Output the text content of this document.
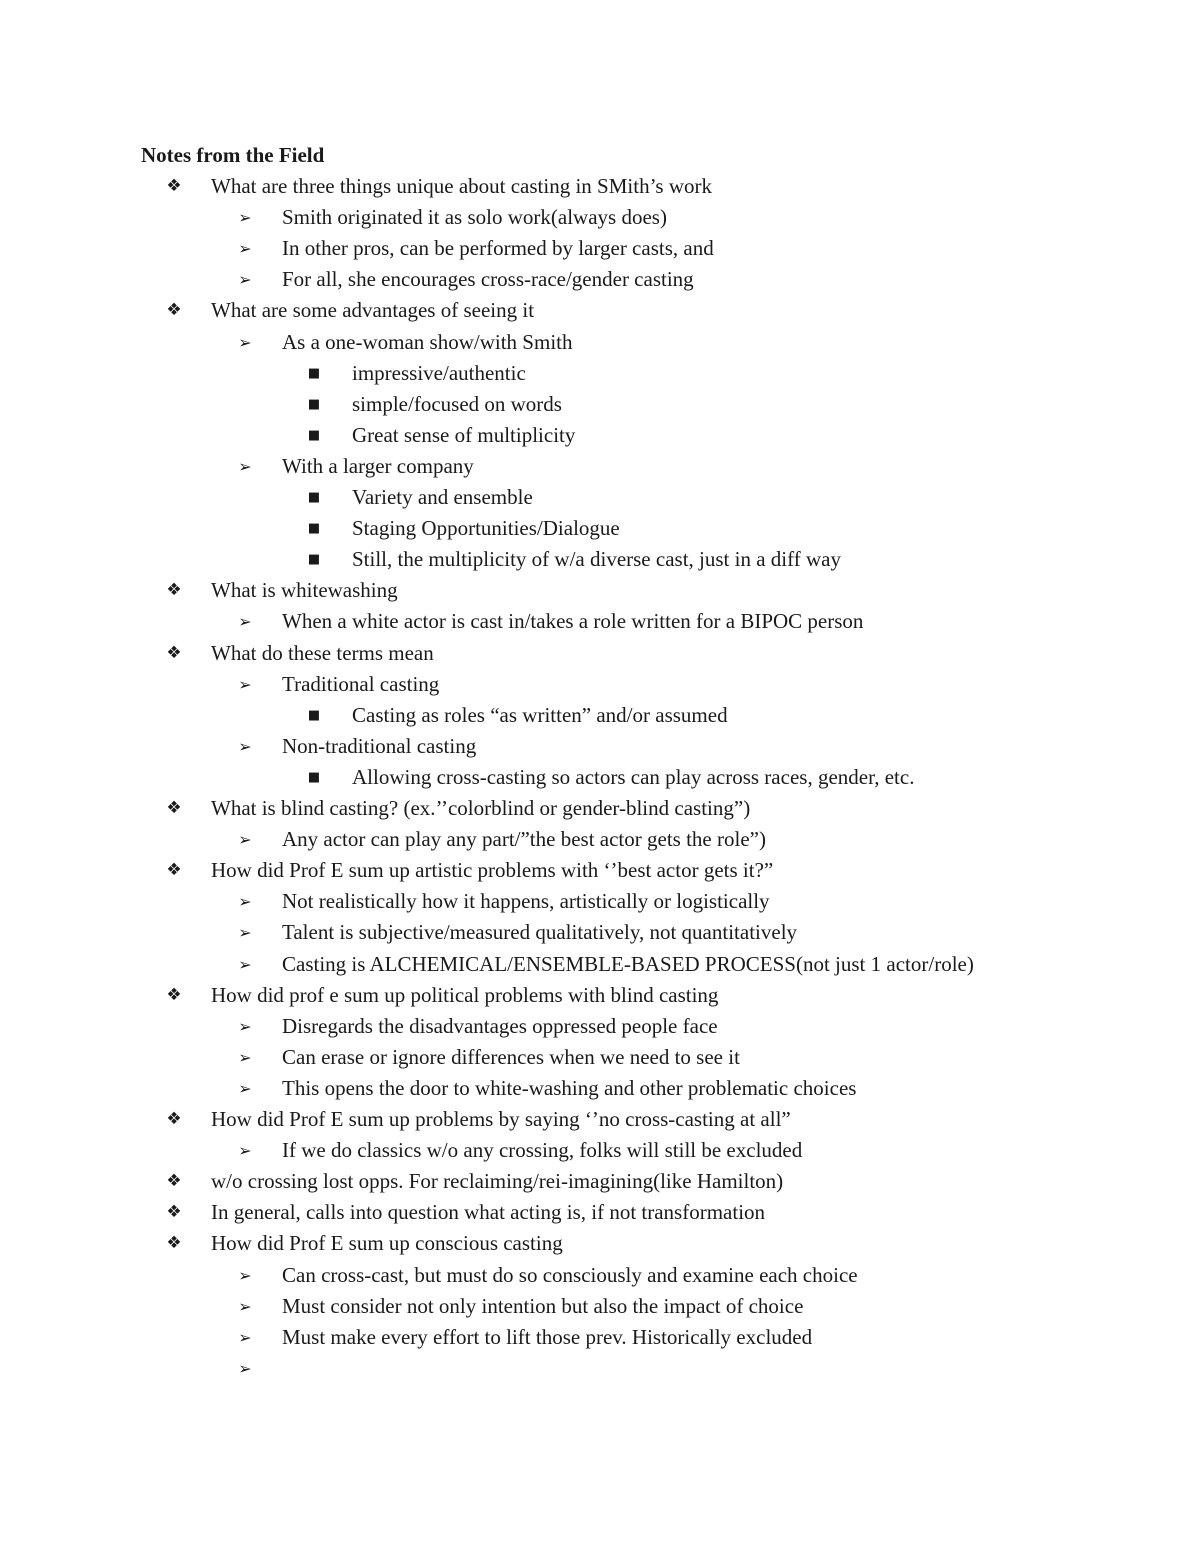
Notes from the Field
❖ What are three things unique about casting in SMith’s work
➢ Smith originated it as solo work(always does)
➢ In other pros, can be performed by larger casts, and
➢ For all, she encourages cross-race/gender casting
❖ What are some advantages of seeing it
➢ As a one-woman show/with Smith
■ impressive/authentic
■ simple/focused on words
■ Great sense of multiplicity
➢ With a larger company
■ Variety and ensemble
■ Staging Opportunities/Dialogue
■ Still, the multiplicity of w/a diverse cast, just in a diff way
❖ What is whitewashing
➢ When a white actor is cast in/takes a role written for a BIPOC person
❖ What do these terms mean
➢ Traditional casting
■ Casting as roles “as written” and/or assumed
➢ Non-traditional casting
■ Allowing cross-casting so actors can play across races, gender, etc.
❖ What is blind casting? (ex.’’colorblind or gender-blind casting”)
➢ Any actor can play any part/”the best actor gets the role”)
❖ How did Prof E sum up artistic problems with ‘’best actor gets it?”
➢ Not realistically how it happens, artistically or logistically
➢ Talent is subjective/measured qualitatively, not quantitatively
➢ Casting is ALCHEMICAL/ENSEMBLE-BASED PROCESS(not just 1 actor/role)
❖ How did prof e sum up political problems with blind casting
➢ Disregards the disadvantages oppressed people face
➢ Can erase or ignore differences when we need to see it
➢ This opens the door to white-washing and other problematic choices
❖ How did Prof E sum up problems by saying ‘’no cross-casting at all”
➢ If we do classics w/o any crossing, folks will still be excluded
❖ w/o crossing lost opps. For reclaiming/rei-imagining(like Hamilton)
❖ In general, calls into question what acting is, if not transformation
❖ How did Prof E sum up conscious casting
➢ Can cross-cast, but must do so consciously and examine each choice
➢ Must consider not only intention but also the impact of choice
➢ Must make every effort to lift those prev. Historically excluded
➢
